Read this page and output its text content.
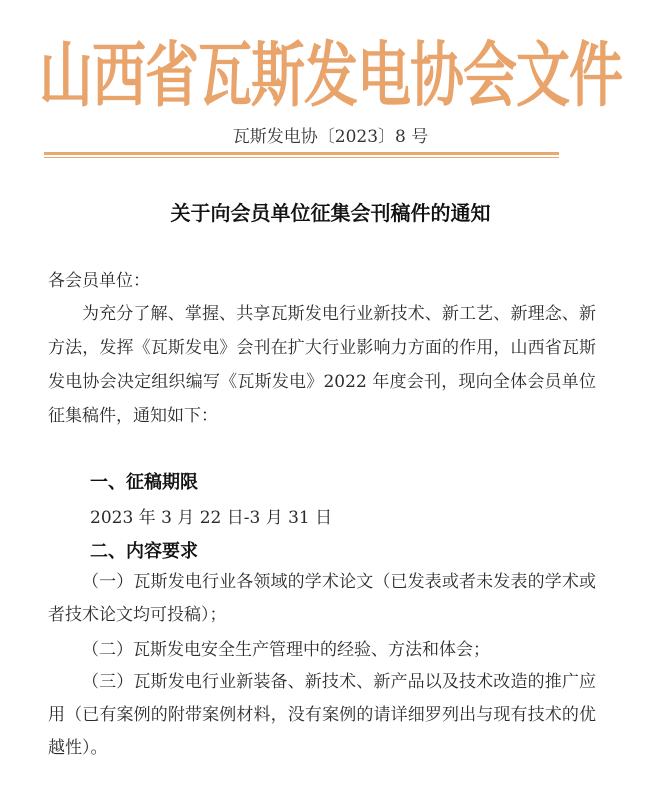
山西省瓦斯发电协会文件
瓦斯发电协〔2023〕8 号
关于向会员单位征集会刊稿件的通知
各会员单位：
为充分了解、掌握、共享瓦斯发电行业新技术、新工艺、新理念、新方法，发挥《瓦斯发电》会刊在扩大行业影响力方面的作用，山西省瓦斯发电协会决定组织编写《瓦斯发电》2022 年度会刊，现向全体会员单位征集稿件，通知如下：
一、征稿期限
2023 年 3 月 22 日-3 月 31 日
二、内容要求
（一）瓦斯发电行业各领域的学术论文（已发表或者未发表的学术或者技术论文均可投稿）；
（二）瓦斯发电安全生产管理中的经验、方法和体会；
（三）瓦斯发电行业新装备、新技术、新产品以及技术改造的推广应用（已有案例的附带案例材料，没有案例的请详细罗列出与现有技术的优越性）。
